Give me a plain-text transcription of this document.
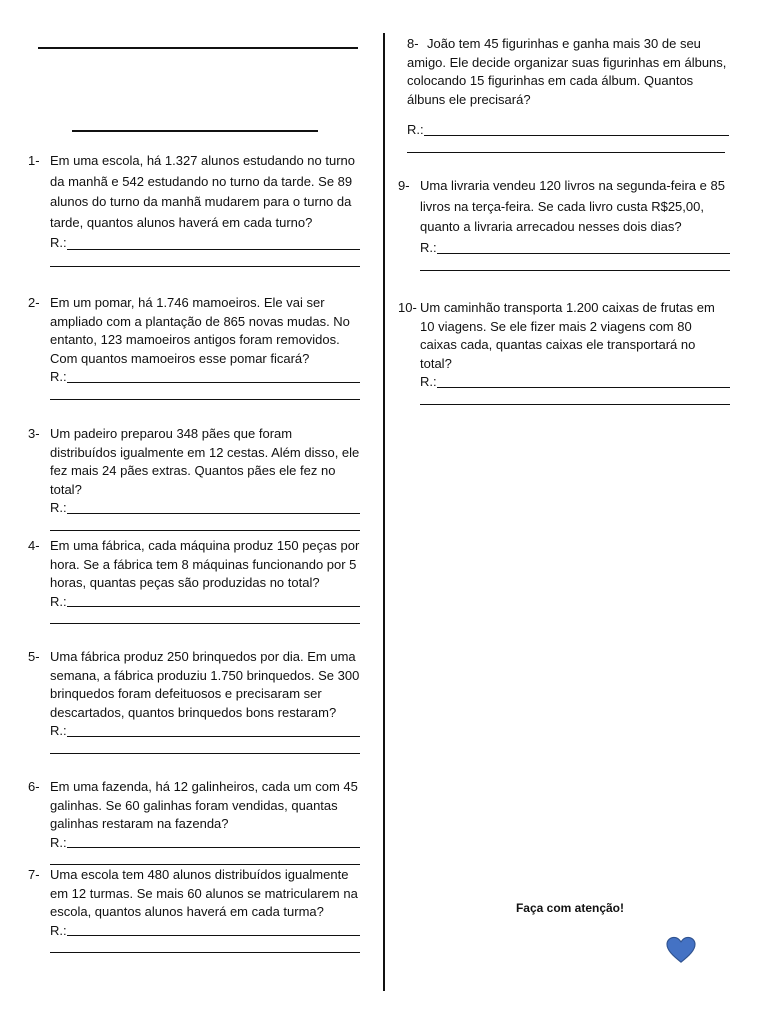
1- Em uma escola, há 1.327 alunos estudando no turno da manhã e 542 estudando no turno da tarde. Se 89 alunos do turno da manhã mudarem para o turno da tarde, quantos alunos haverá em cada turno?
R.:
2- Em um pomar, há 1.746 mamoeiros. Ele vai ser ampliado com a plantação de 865 novas mudas. No entanto, 123 mamoeiros antigos foram removidos. Com quantos mamoeiros esse pomar ficará?
R.:
3- Um padeiro preparou 348 pães que foram distribuídos igualmente em 12 cestas. Além disso, ele fez mais 24 pães extras. Quantos pães ele fez no total?
R.:
4- Em uma fábrica, cada máquina produz 150 peças por hora. Se a fábrica tem 8 máquinas funcionando por 5 horas, quantas peças são produzidas no total?
R.:
5- Uma fábrica produz 250 brinquedos por dia. Em uma semana, a fábrica produziu 1.750 brinquedos. Se 300 brinquedos foram defeituosos e precisaram ser descartados, quantos brinquedos bons restaram?
R.:
6- Em uma fazenda, há 12 galinheiros, cada um com 45 galinhas. Se 60 galinhas foram vendidas, quantas galinhas restaram na fazenda?
R.:
7- Uma escola tem 480 alunos distribuídos igualmente em 12 turmas. Se mais 60 alunos se matricularem na escola, quantos alunos haverá em cada turma?
R.:
8- João tem 45 figurinhas e ganha mais 30 de seu amigo. Ele decide organizar suas figurinhas em álbuns, colocando 15 figurinhas em cada álbum. Quantos álbuns ele precisará?
R.:
9- Uma livraria vendeu 120 livros na segunda-feira e 85 livros na terça-feira. Se cada livro custa R$25,00, quanto a livraria arrecadou nesses dois dias?
R.:
10- Um caminhão transporta 1.200 caixas de frutas em 10 viagens. Se ele fizer mais 2 viagens com 80 caixas cada, quantas caixas ele transportará no total?
R.:
Faça com atenção!
